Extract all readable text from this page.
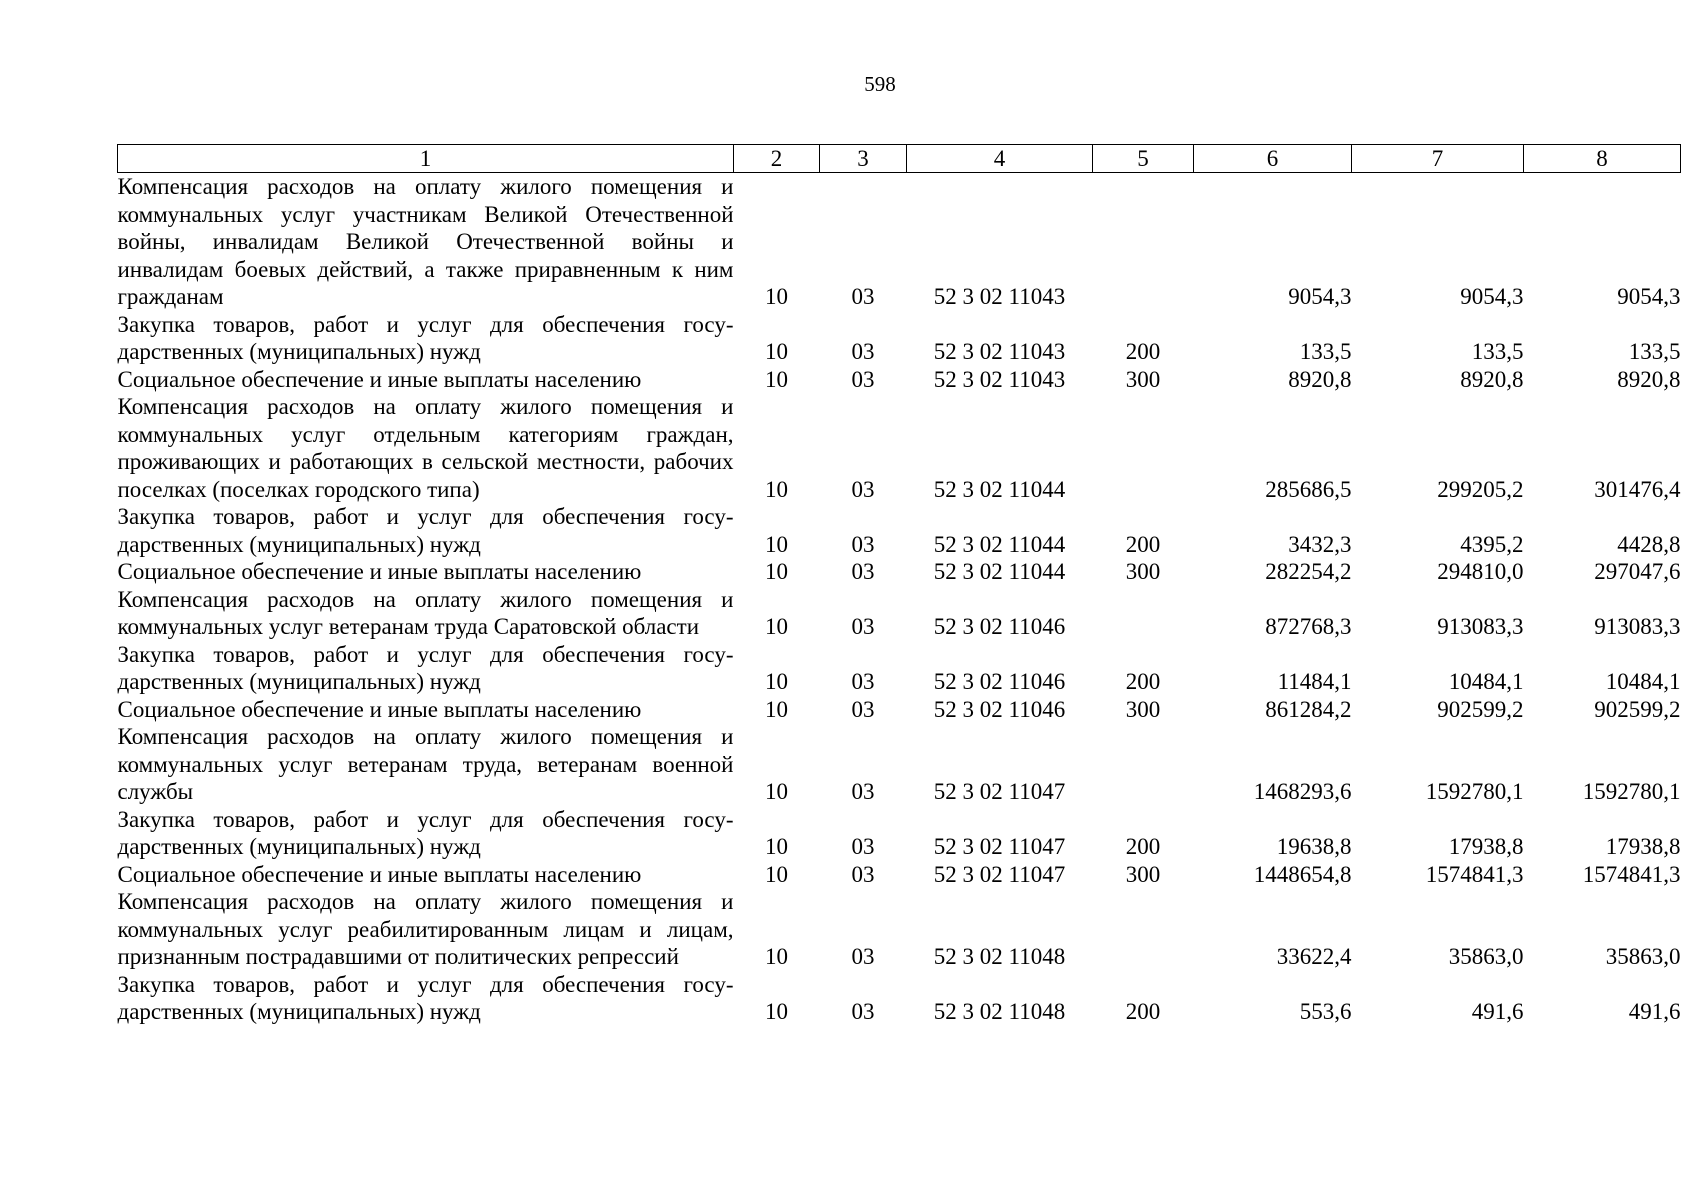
598
1	2	3	4	5	6	7	8
Компенсация расходов на оплату жилого помещения и коммунальных услуг участникам Великой Отечественной войны, инвалидам Великой Отечественной войны и инвалидам боевых действий, а также приравненным к ним гражданам	10	03	52 3 02 11043		9054,3	9054,3	9054,3
Закупка товаров, работ и услуг для обеспечения государственных (муниципальных) нужд	10	03	52 3 02 11043	200	133,5	133,5	133,5
Социальное обеспечение и иные выплаты населению	10	03	52 3 02 11043	300	8920,8	8920,8	8920,8
Компенсация расходов на оплату жилого помещения и коммунальных услуг отдельным категориям граждан, проживающих и работающих в сельской местности, рабочих поселках (поселках городского типа)	10	03	52 3 02 11044		285686,5	299205,2	301476,4
Закупка товаров, работ и услуг для обеспечения государственных (муниципальных) нужд	10	03	52 3 02 11044	200	3432,3	4395,2	4428,8
Социальное обеспечение и иные выплаты населению	10	03	52 3 02 11044	300	282254,2	294810,0	297047,6
Компенсация расходов на оплату жилого помещения и коммунальных услуг ветеранам труда Саратовской области	10	03	52 3 02 11046		872768,3	913083,3	913083,3
Закупка товаров, работ и услуг для обеспечения государственных (муниципальных) нужд	10	03	52 3 02 11046	200	11484,1	10484,1	10484,1
Социальное обеспечение и иные выплаты населению	10	03	52 3 02 11046	300	861284,2	902599,2	902599,2
Компенсация расходов на оплату жилого помещения и коммунальных услуг ветеранам труда, ветеранам военной службы	10	03	52 3 02 11047		1468293,6	1592780,1	1592780,1
Закупка товаров, работ и услуг для обеспечения государственных (муниципальных) нужд	10	03	52 3 02 11047	200	19638,8	17938,8	17938,8
Социальное обеспечение и иные выплаты населению	10	03	52 3 02 11047	300	1448654,8	1574841,3	1574841,3
Компенсация расходов на оплату жилого помещения и коммунальных услуг реабилитированным лицам и лицам, признанным пострадавшими от политических репрессий	10	03	52 3 02 11048		33622,4	35863,0	35863,0
Закупка товаров, работ и услуг для обеспечения государственных (муниципальных) нужд	10	03	52 3 02 11048	200	553,6	491,6	491,6
